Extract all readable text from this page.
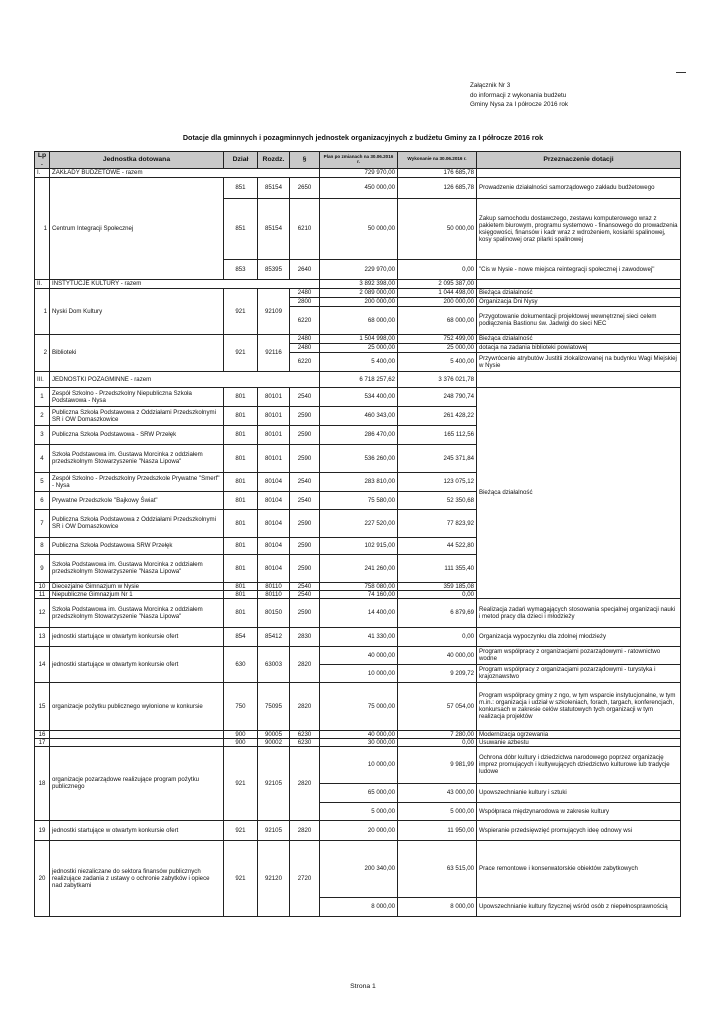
Załącznik Nr 3
do informacji z wykonania budżetu
Gminy Nysa za I półrocze 2016 rok
Dotacje dla gminnych i pozagminnych jednostek organizacyjnych z budżetu Gminy za I półrocze 2016 rok
Lp.	Jednostka dotowana	Dział	Rozdz.	§	Plan po zmianach na 30.06.2016 r.	Wykonanie na 30.06.2016 r.	Przeznaczenie dotacji
I.	ZAKŁADY BUDŻETOWE - razem				729 970,00	176 685,78	
1	Centrum Integracji Społecznej	851	85154	2650	450 000,00	126 685,78	Prowadzenie działalności samorządowego zakładu budżetowego
		851	85154	6210	50 000,00	50 000,00	Zakup samochodu dostawczego, zestawu komputerowego wraz z pakietem biurowym, programu systemowo - finansowego do prowadzenia księgowości, finansów i kadr wraz z wdrożeniem, kosiarki spalinowej, kosy spalinowej oraz pilarki spalinowej
		853	85395	2640	229 970,00	0,00	"Cis w Nysie - nowe miejsca reintegracji społecznej i zawodowej"
II.	INSTYTUCJE KULTURY - razem				3 892 398,00	2 095 387,00	
1	Nyski Dom Kultury	921	92109	2480	2 089 000,00	1 044 498,00	Bieżąca działalność
				2800	200 000,00	200 000,00	Organizacja Dni Nysy
				6220	68 000,00	68 000,00	Przygotowanie dokumentacji projektowej wewnętrznej sieci celem podłączenia Bastionu św. Jadwigi do sieci NEC
2	Biblioteki	921	92116	2480	1 504 998,00	752 499,00	Bieżąca działalność
				2480	25 000,00	25 000,00	dotacja na zadania biblioteki powiatowej
				6220	5 400,00	5 400,00	Przywrócenie atrybutów Justitii zlokalizowanej na budynku Wagi Miejskiej w Nysie
III.	JEDNOSTKI POZAGMINNE - razem				6 718 257,62	3 376 021,78	
1	Zespół Szkolno - Przedszkolny Niepubliczna Szkoła Podstawowa - Nysa	801	80101	2540	534 400,00	248 790,74	Bieżąca działalność
2	Publiczna Szkoła Podstawowa z Oddziałami Przedszkolnymi SR i OW Domaszkowice	801	80101	2590	460 343,00	261 428,22	
3	Publiczna Szkoła Podstawowa - SRW Przełęk	801	80101	2590	286 470,00	165 112,56	
4	Szkoła Podstawowa im. Gustawa Morcinka z oddziałem przedszkolnym Stowarzyszenie "Nasza Lipowa"	801	80101	2590	536 260,00	245 371,84	
5	Zespół Szkolno - Przedszkolny Przedszkole Prywatne "Smerf" - Nysa	801	80104	2540	283 810,00	123 075,12	
6	Prywatne Przedszkole "Bajkowy Świat"	801	80104	2540	75 580,00	52 350,68	
7	Publiczna Szkoła Podstawowa z Oddziałami Przedszkolnymi SR i OW Domaszkowice	801	80104	2590	227 520,00	77 823,92	
8	Publiczna Szkoła Podstawowa SRW Przełęk	801	80104	2590	102 915,00	44 522,80	
9	Szkoła Podstawowa im. Gustawa Morcinka z oddziałem przedszkolnym Stowarzyszenie "Nasza Lipowa"	801	80104	2590	241 260,00	111 355,40	
10	Diecezjalne Gimnazjum w Nysie	801	80110	2540	758 080,00	359 185,08	
11	Niepubliczne Gimnazjum Nr 1	801	80110	2540	74 160,00	0,00	
12	Szkoła Podstawowa im. Gustawa Morcinka z oddziałem przedszkolnym Stowarzyszenie "Nasza Lipowa"	801	80150	2590	14 400,00	6 879,69	Realizacja zadań wymagających stosowania specjalnej organizacji nauki i metod pracy dla dzieci i młodzieży
13	jednostki startujące w otwartym konkursie ofert	854	85412	2830	41 330,00	0,00	Organizacja wypoczynku dla zdolnej młodzieży
14	jednostki startujące w otwartym konkursie ofert	630	63003	2820	40 000,00	40 000,00	Program współpracy z organizacjami pozarządowymi - ratownictwo wodne
					10 000,00	9 209,72	Program współpracy z organizacjami pozarządowymi - turystyka i krajoznawstwo
15	organizacje pożytku publicznego wyłonione w konkursie	750	75095	2820	75 000,00	57 054,00	Program współpracy gminy z ngo, w tym wsparcie instytucjonalne, w tym m.in.: organizacja i udział w szkoleniach, forach, targach, konferencjach, konkursach w zakresie celów statutowych tych organizacji w tym realizacja projektów
16		900	90005	6230	40 000,00	7 280,00	Modernizacja ogrzewania
17		900	90002	6230	30 000,00	0,00	Usuwanie azbestu
18	organizacje pozarządowe realizujące program pożytku publicznego	921	92105	2820	10 000,00	9 981,99	Ochrona dóbr kultury i dziedzictwa narodowego poprzez organizację imprez promujących i kultywujących dziedzictwo kulturowe lub tradycje ludowe
					65 000,00	43 000,00	Upowszechnianie kultury i sztuki
					5 000,00	5 000,00	Współpraca międzynarodowa w zakresie kultury
19	jednostki startujące w otwartym konkursie ofert	921	92105	2820	20 000,00	11 950,00	Wspieranie przedsięwzięć promujących ideę odnowy wsi
20	jednostki niezaliczane do sektora finansów publicznych realizujące zadania z ustawy o ochronie zabytków i opiece nad zabytkami	921	92120	2720	200 340,00	63 515,00	Prace remontowe i konserwatorskie obiektów zabytkowych
					8 000,00	8 000,00	Upowszechnianie kultury fizycznej wśród osób z niepełnosprawnością
Strona 1
